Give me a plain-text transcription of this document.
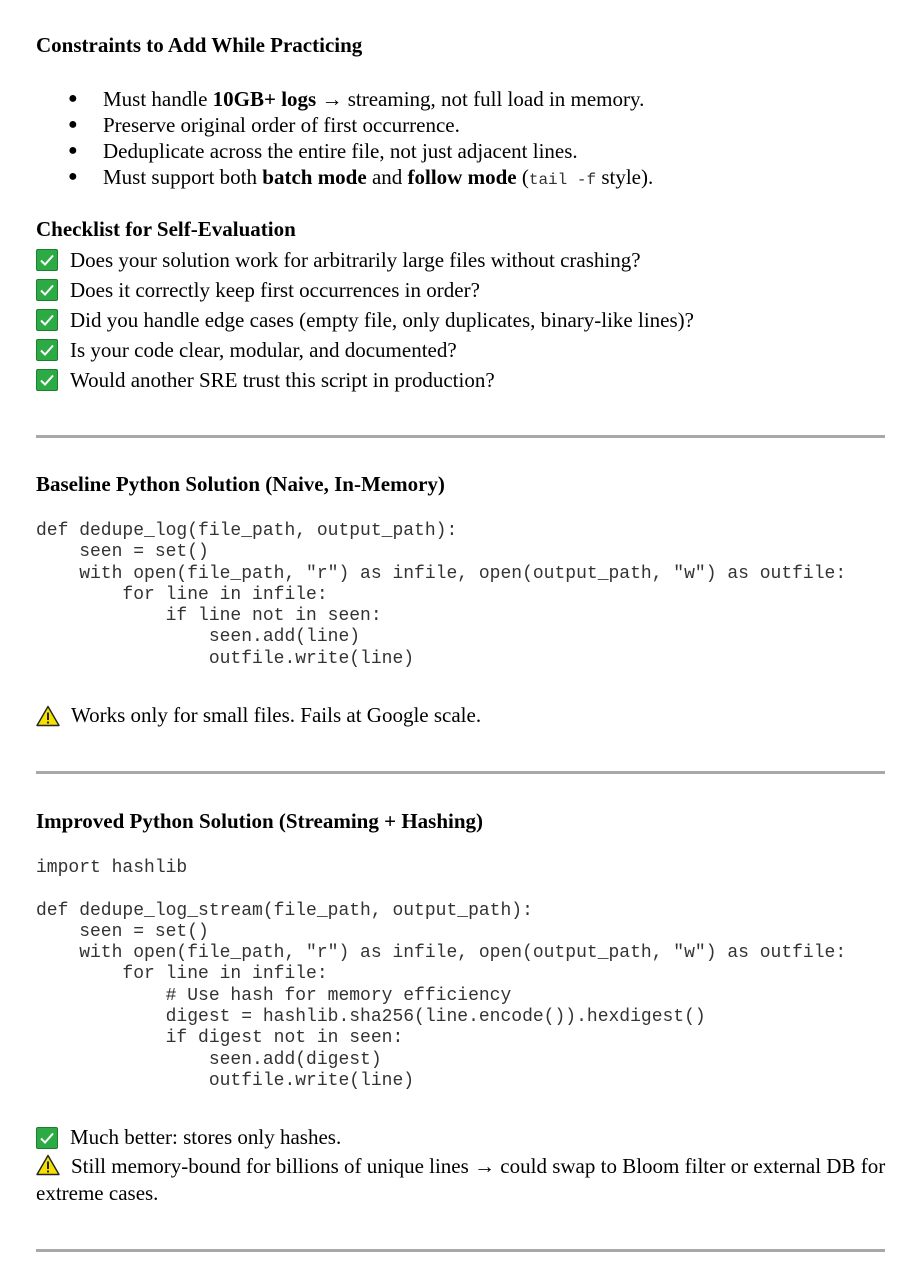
Constraints to Add While Practicing
● Must handle 10GB+ logs → streaming, not full load in memory.
● Preserve original order of first occurrence.
● Deduplicate across the entire file, not just adjacent lines.
● Must support both batch mode and follow mode (tail -f style).
Checklist for Self-Evaluation
Does your solution work for arbitrarily large files without crashing?
Does it correctly keep first occurrences in order?
Did you handle edge cases (empty file, only duplicates, binary-like lines)?
Is your code clear, modular, and documented?
Would another SRE trust this script in production?
Baseline Python Solution (Naive, In-Memory)
def dedupe_log(file_path, output_path):
seen = set()
with open(file_path, "r") as infile, open(output_path, "w") as outfile:
for line in infile:
if line not in seen:
seen.add(line)
outfile.write(line)
Works only for small files. Fails at Google scale.
Improved Python Solution (Streaming + Hashing)
import hashlib

def dedupe_log_stream(file_path, output_path):
seen = set()
with open(file_path, "r") as infile, open(output_path, "w") as outfile:
for line in infile:
# Use hash for memory efficiency
digest = hashlib.sha256(line.encode()).hexdigest()
if digest not in seen:
seen.add(digest)
outfile.write(line)
Much better: stores only hashes.
Still memory-bound for billions of unique lines → could swap to Bloom filter or external DB for extreme cases.
